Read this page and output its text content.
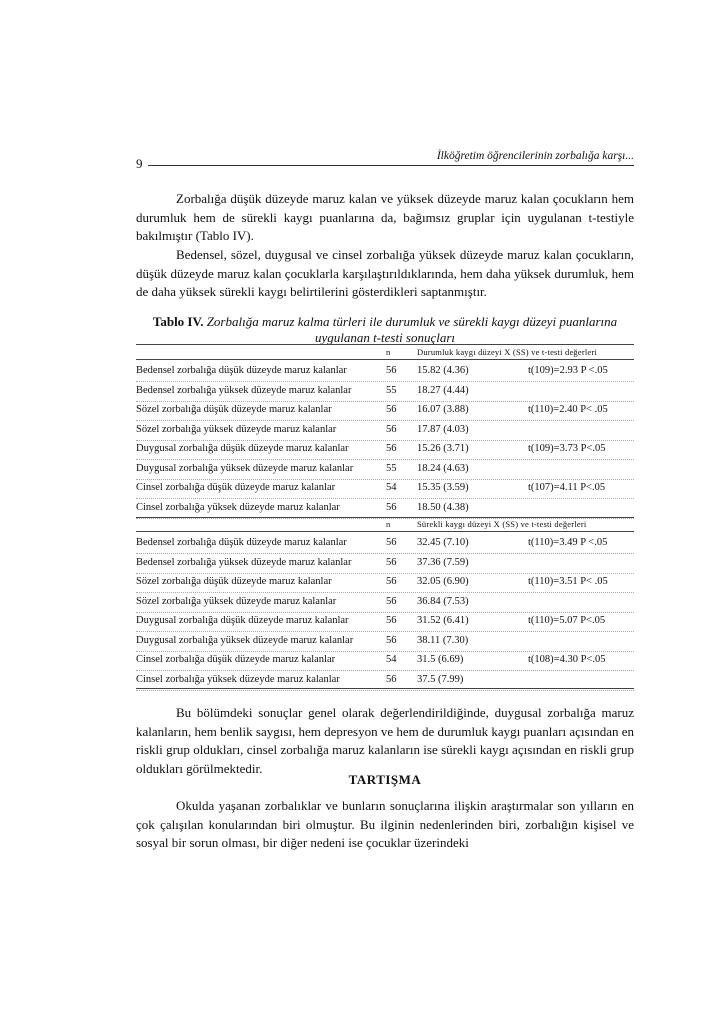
9	İlköğretim öğrencilerinin zorbalığa karşı...

Zorbalığa düşük düzeyde maruz kalan ve yüksek düzeyde maruz kalan çocukların hem durumluk hem de sürekli kaygı puanlarına da, bağımsız gruplar için uygulanan t-testiyle bakılmıştır (Tablo IV).

Bedensel, sözel, duygusal ve cinsel zorbalığa yüksek düzeyde maruz kalan çocukların, düşük düzeyde maruz kalan çocuklarla karşılaştırıldıklarında, hem daha yüksek durumluk, hem de daha yüksek sürekli kaygı belirtilerini gösterdikleri saptanmıştır.

Tablo IV. Zorbalığa maruz kalma türleri ile durumluk ve sürekli kaygı düzeyi puanlarına uygulanan t-testi sonuçları
n	Durumluk kaygı düzeyi X (SS) ve t-testi değerleri
Bedensel zorbalığa düşük düzeyde maruz kalanlar	56 15.82 (4.36)	t(109)=2.93 P <.05
Bedensel zorbalığa yüksek düzeyde maruz kalanlar	55 18.27 (4.44)
Sözel zorbalığa düşük düzeyde maruz kalanlar	56 16.07 (3.88)	t(110)=2.40 P< .05
Sözel zorbalığa yüksek düzeyde maruz kalanlar	56 17.87 (4.03)
Duygusal zorbalığa düşük düzeyde maruz kalanlar	56 15.26 (3.71)	t(109)=3.73 P<.05
Duygusal zorbalığa yüksek düzeyde maruz kalanlar	55 18.24 (4.63)
Cinsel zorbalığa düşük düzeyde maruz kalanlar	54 15.35 (3.59)	t(107)=4.11 P<.05
Cinsel zorbalığa yüksek düzeyde maruz kalanlar	56 18.50 (4.38)
n	Sürekli kaygı düzeyi X (SS) ve t-testi değerleri
Bedensel zorbalığa düşük düzeyde maruz kalanlar	56 32.45 (7.10)	t(110)=3.49 P <.05
Bedensel zorbalığa yüksek düzeyde maruz kalanlar	56 37.36 (7.59)
Sözel zorbalığa düşük düzeyde maruz kalanlar	56 32.05 (6.90)	t(110)=3.51 P< .05
Sözel zorbalığa yüksek düzeyde maruz kalanlar	56 36.84 (7.53)
Duygusal zorbalığa düşük düzeyde maruz kalanlar	56 31.52 (6.41)	t(110)=5.07 P<.05
Duygusal zorbalığa yüksek düzeyde maruz kalanlar	56 38.11 (7.30)
Cinsel zorbalığa düşük düzeyde maruz kalanlar	54 31.5 (6.69)	t(108)=4.30 P<.05
Cinsel zorbalığa yüksek düzeyde maruz kalanlar	56 37.5 (7.99)

Bu bölümdeki sonuçlar genel olarak değerlendirildiğinde, duygusal zorbalığa maruz kalanların, hem benlik saygısı, hem depresyon ve hem de durumluk kaygı puanları açısından en riskli grup oldukları, cinsel zorbalığa maruz kalanların ise sürekli kaygı açısından en riskli grup oldukları görülmektedir.

TARTIŞMA

Okulda yaşanan zorbalıklar ve bunların sonuçlarına ilişkin araştırmalar son yılların en çok çalışılan konularından biri olmuştur. Bu ilginin nedenlerinden biri, zorbalığın kişisel ve sosyal bir sorun olması, bir diğer nedeni ise çocuklar üzerindeki
